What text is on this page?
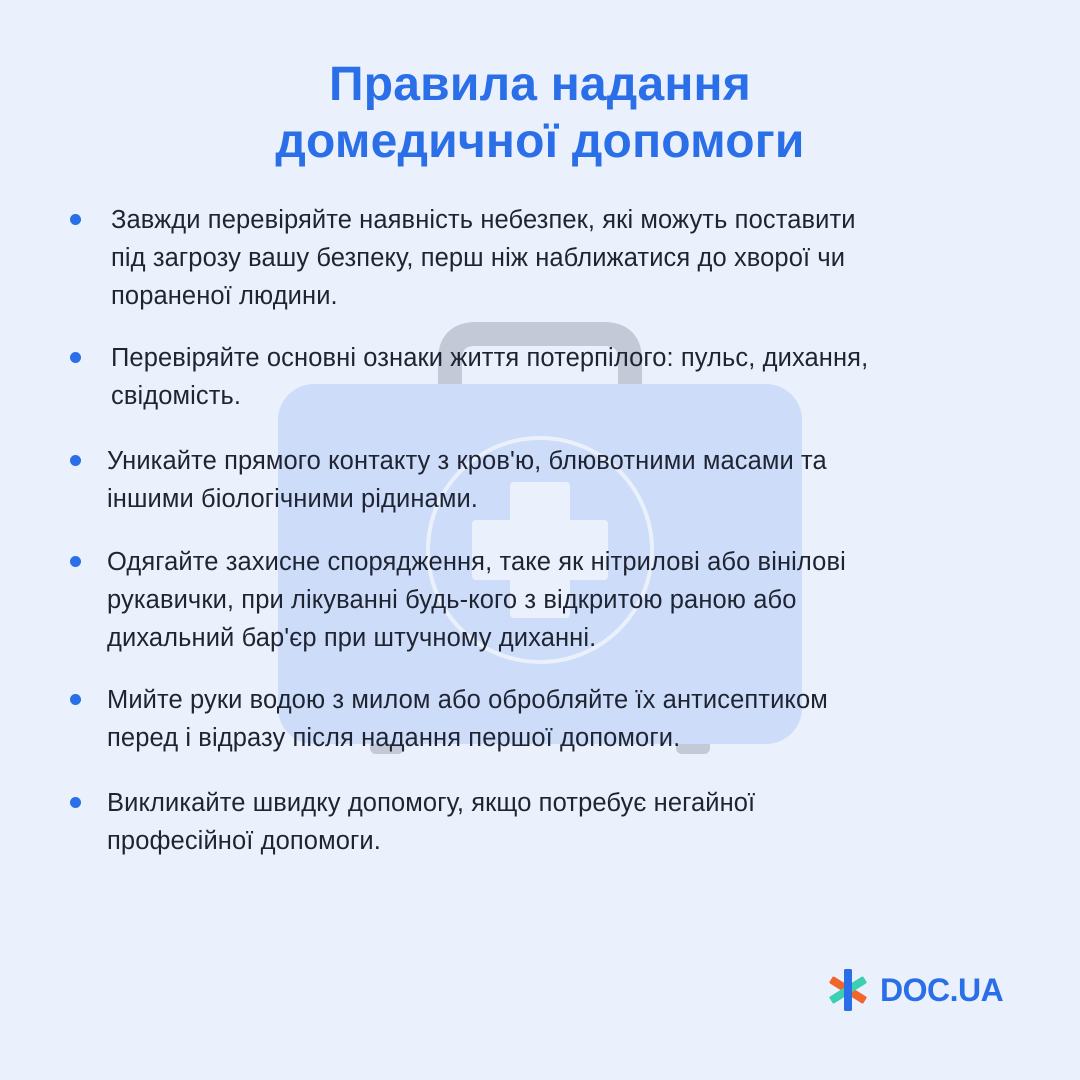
Правила надання
домедичної допомоги
Завжди перевіряйте наявність небезпек, які можуть поставити
під загрозу вашу безпеку, перш ніж наближатися до хворої чи
пораненої людини.
Перевіряйте основні ознаки життя потерпілого: пульс, дихання,
свідомість.
Уникайте прямого контакту з кров'ю, блювотними масами та
іншими біологічними рідинами.
Одягайте захисне спорядження, таке як нітрилові або вінілові
рукавички, при лікуванні будь-кого з відкритою раною або
дихальний бар'єр при штучному диханні.
Мийте руки водою з милом або обробляйте їх антисептиком
перед і відразу після надання першої допомоги.
Викликайте швидку допомогу, якщо потребує негайної
професійної допомоги.
DOC.UA
